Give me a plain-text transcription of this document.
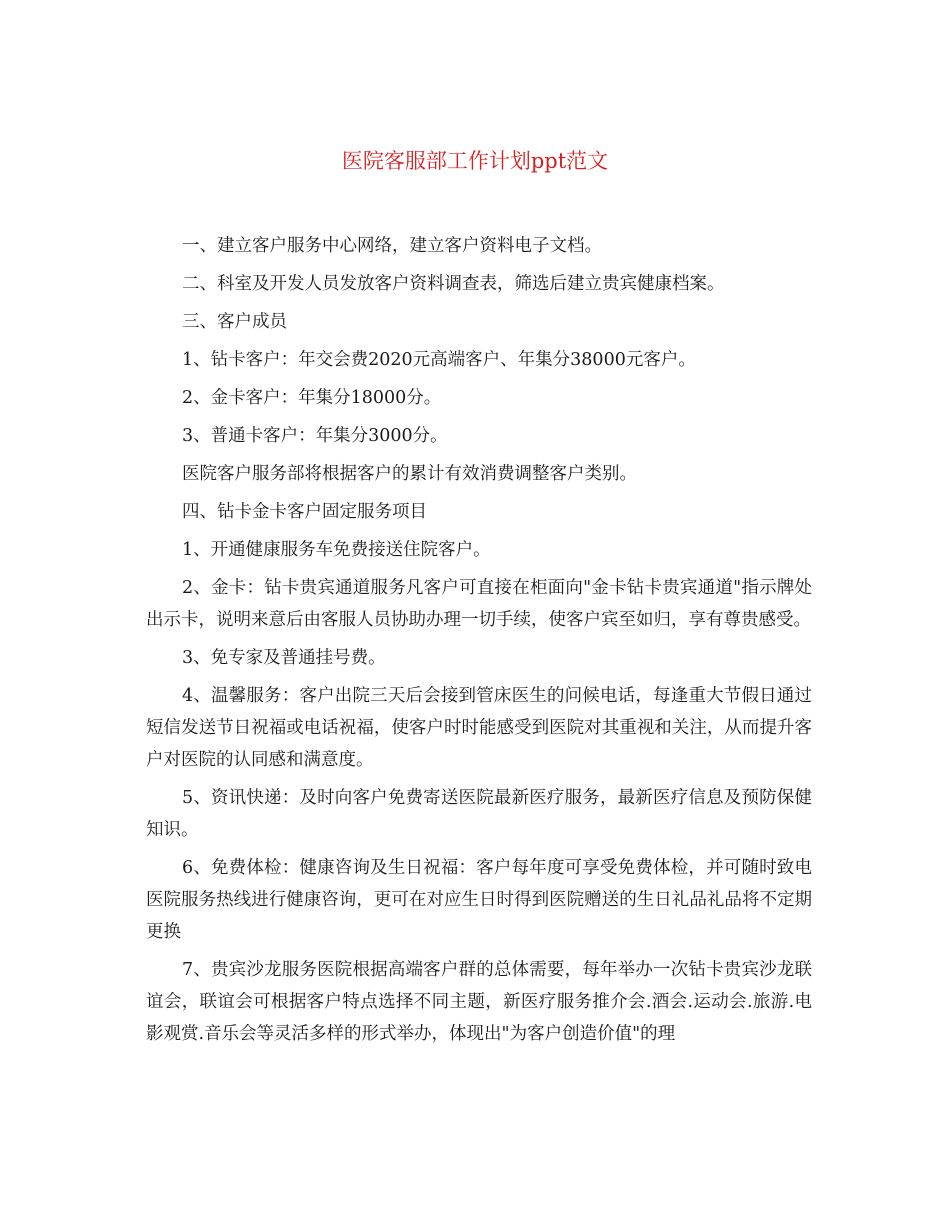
医院客服部工作计划ppt范文

一、建立客户服务中心网络，建立客户资料电子文档。

二、科室及开发人员发放客户资料调查表，筛选后建立贵宾健康档案。

三、客户成员

1、钻卡客户：年交会费2020元高端客户、年集分38000元客户。

2、金卡客户：年集分18000分。

3、普通卡客户：年集分3000分。

医院客户服务部将根据客户的累计有效消费调整客户类别。

四、钻卡金卡客户固定服务项目

1、开通健康服务车免费接送住院客户。

2、金卡：钻卡贵宾通道服务凡客户可直接在柜面向"金卡钻卡贵宾通道"指示牌处出示卡，说明来意后由客服人员协助办理一切手续，使客户宾至如归，享有尊贵感受。

3、免专家及普通挂号费。

4、温馨服务：客户出院三天后会接到管床医生的问候电话，每逢重大节假日通过短信发送节日祝福或电话祝福，使客户时时能感受到医院对其重视和关注，从而提升客户对医院的认同感和满意度。

5、资讯快递：及时向客户免费寄送医院最新医疗服务，最新医疗信息及预防保健知识。

6、免费体检：健康咨询及生日祝福：客户每年度可享受免费体检，并可随时致电医院服务热线进行健康咨询，更可在对应生日时得到医院赠送的生日礼品礼品将不定期更换

7、贵宾沙龙服务医院根据高端客户群的总体需要，每年举办一次钻卡贵宾沙龙联谊会，联谊会可根据客户特点选择不同主题，新医疗服务推介会.酒会.运动会.旅游.电影观赏.音乐会等灵活多样的形式举办，体现出"为客户创造价值"的理
